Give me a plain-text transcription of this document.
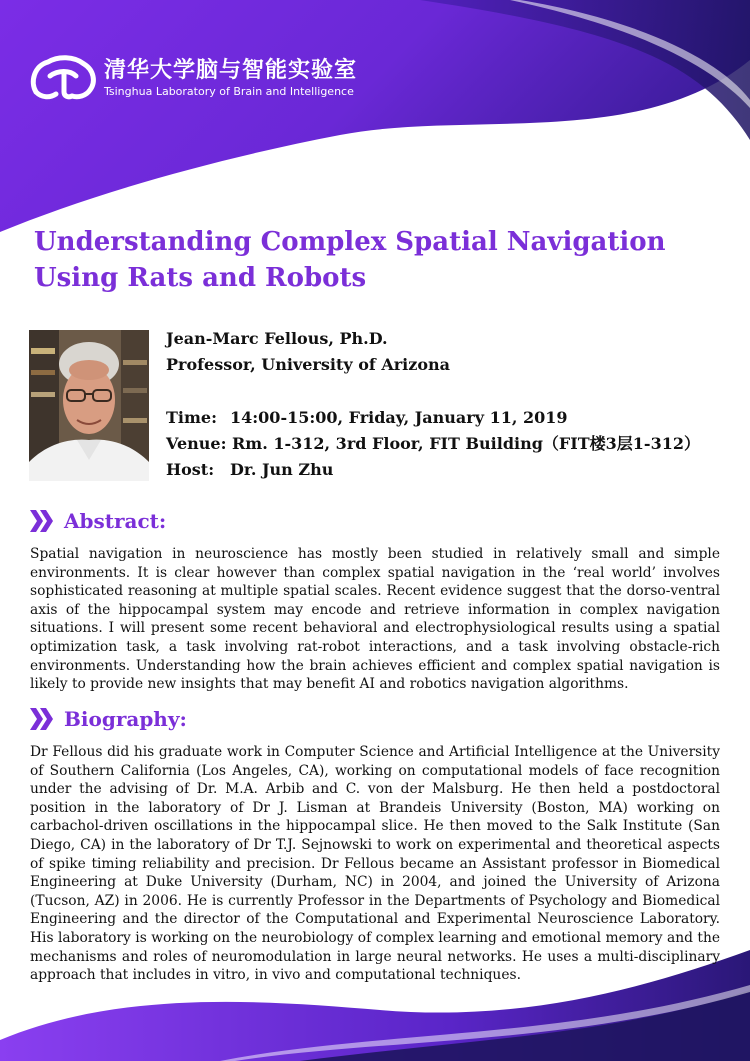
清华大学脑与智能实验室
Tsinghua Laboratory of Brain and Intelligence
Understanding Complex Spatial Navigation
Using Rats and Robots
Jean-Marc Fellous, Ph.D.
Professor, University of Arizona
Time: 14:00-15:00, Friday, January 11, 2019
Venue: Rm. 1-312, 3rd Floor, FIT Building（FIT楼3层1-312）
Host: Dr. Jun Zhu
Abstract:

Spatial navigation in neuroscience has mostly been studied in relatively small and simple environments. It is clear however than complex spatial navigation in the ‘real world’ involves sophisticated reasoning at multiple spatial scales. Recent evidence suggest that the dorso-ventral axis of the hippocampal system may encode and retrieve information in complex navigation situations. I will present some recent behavioral and electrophysiological results using a spatial optimization task, a task involving rat-robot interactions, and a task involving obstacle-rich environments. Understanding how the brain achieves efficient and complex spatial navigation is likely to provide new insights that may benefit AI and robotics navigation algorithms.

Biography:

Dr Fellous did his graduate work in Computer Science and Artificial Intelligence at the University of Southern California (Los Angeles, CA), working on computational models of face recognition under the advising of Dr. M.A. Arbib and C. von der Malsburg. He then held a postdoctoral position in the laboratory of Dr J. Lisman at Brandeis University (Boston, MA) working on carbachol-driven oscillations in the hippocampal slice. He then moved to the Salk Institute (San Diego, CA) in the laboratory of Dr T.J. Sejnowski to work on experimental and theoretical aspects of spike timing reliability and precision. Dr Fellous became an Assistant professor in Biomedical Engineering at Duke University (Durham, NC) in 2004, and joined the University of Arizona (Tucson, AZ) in 2006. He is currently Professor in the Departments of Psychology and Biomedical Engineering and the director of the Computational and Experimental Neuroscience Laboratory. His laboratory is working on the neurobiology of complex learning and emotional memory and the mechanisms and roles of neuromodulation in large neural networks. He uses a multi-disciplinary approach that includes in vitro, in vivo and computational techniques.
